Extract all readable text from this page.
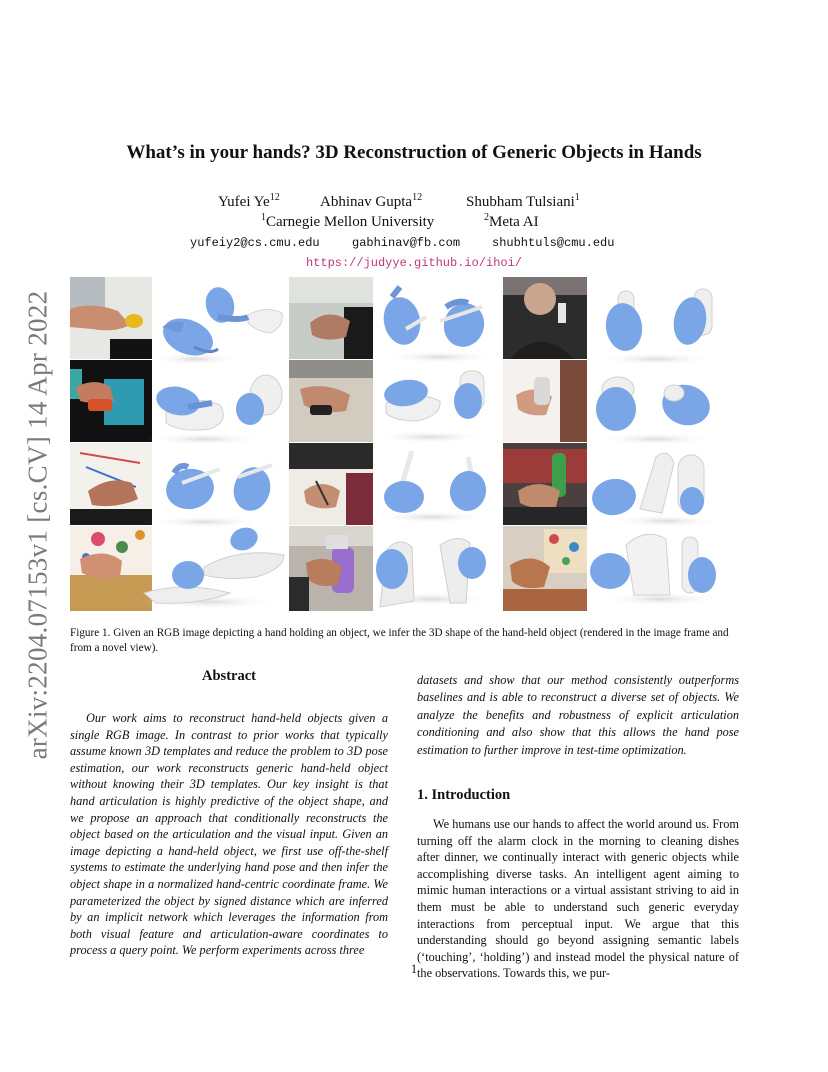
arXiv:2204.07153v1 [cs.CV] 14 Apr 2022
What’s in your hands? 3D Reconstruction of Generic Objects in Hands
Yufei Ye$^{12}$	Abhinav Gupta$^{12}$	Shubham Tulsiani$^1$
$^1$Carnegie Mellon University	$^2$Meta AI
yufeiy2@cs.cmu.edu	gabhinav@fb.com	shubhtuls@cmu.edu
https://judyye.github.io/ihoi/
Figure 1. Given an RGB image depicting a hand holding an object, we infer the 3D shape of the hand-held object (rendered in the image frame and from a novel view).
Abstract

Our work aims to reconstruct hand-held objects given a single RGB image. In contrast to prior works that typically assume known 3D templates and reduce the problem to 3D pose estimation, our work reconstructs generic hand-held object without knowing their 3D templates. Our key insight is that hand articulation is highly predictive of the object shape, and we propose an approach that conditionally reconstructs the object based on the articulation and the visual input. Given an image depicting a hand-held object, we first use off-the-shelf systems to estimate the underlying hand pose and then infer the object shape in a normalized hand-centric coordinate frame. We parameterized the object by signed distance which are inferred by an implicit network which leverages the information from both visual feature and articulation-aware coordinates to process a query point. We perform experiments across three

datasets and show that our method consistently outperforms baselines and is able to reconstruct a diverse set of objects. We analyze the benefits and robustness of explicit articulation conditioning and also show that this allows the hand pose estimation to further improve in test-time optimization.

1. Introduction

We humans use our hands to affect the world around us. From turning off the alarm clock in the morning to cleaning dishes after dinner, we continually interact with generic objects while accomplishing diverse tasks. An intelligent agent aiming to mimic human interactions or a virtual assistant striving to aid in them must be able to understand such generic everyday interactions from perceptual input. We argue that this understanding should go beyond assigning semantic labels (‘touching’, ‘holding’) and instead model the physical nature of the observations. Towards this, we pur-

1
